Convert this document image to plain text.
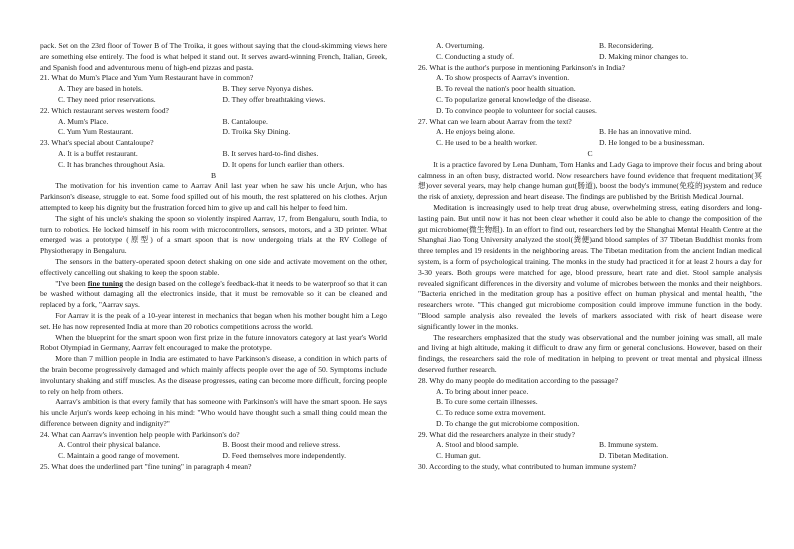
pack. Set on the 23rd floor of Tower B of The Troika, it goes without saying that the cloud-skimming views here are something else entirely. The food is what helped it stand out. It serves award-winning French, Italian, Greek, and Spanish food and adventurous menu of high-end pizzas and pasta.

21. What do Mum's Place and Yum Yum Restaurant have in common?

A. They are based in hotels.	B. They serve Nyonya dishes.
C. They need prior reservations.	D. They offer breathtaking views.

22. Which restaurant serves western food?

A. Mum's Place.	B. Cantaloupe.
C. Yum Yum Restaurant.	D. Troika Sky Dining.

23. What's special about Cantaloupe?

A. It is a buffet restaurant.	B. It serves hard-to-find dishes.
C. It has branches throughout Asia.	D. It opens for lunch earlier than others.

B

The motivation for his invention came to Aarrav Anil last year when he saw his uncle Arjun, who has Parkinson's disease, struggle to eat. Some food spilled out of his mouth, the rest splattered on his clothes. Arjun attempted to keep his dignity but the frustration forced him to give up and call his helper to feed him.

The sight of his uncle's shaking the spoon so violently inspired Aarrav, 17, from Bengaluru, south India, to turn to robotics. He locked himself in his room with microcontrollers, sensors, motors, and a 3D printer. What emerged was a prototype (原型) of a smart spoon that is now undergoing trials at the RV College of Physiotherapy in Bengaluru.

The sensors in the battery-operated spoon detect shaking on one side and activate movement on the other, effectively cancelling out shaking to keep the spoon stable.

"I've been fine tuning the design based on the college's feedback-that it needs to be waterproof so that it can be washed without damaging all the electronics inside, that it must be removable so it can be cleaned and replaced by a fork, "Aarrav says.

For Aarrav it is the peak of a 10-year interest in mechanics that began when his mother bought him a Lego set. He has now represented India at more than 20 robotics competitions across the world.

When the blueprint for the smart spoon won first prize in the future innovators category at last year's World Robot Olympiad in Germany, Aarrav felt encouraged to make the prototype.

More than 7 million people in India are estimated to have Parkinson's disease, a condition in which parts of the brain become progressively damaged and which mainly affects people over the age of 50. Symptoms include involuntary shaking and stiff muscles. As the disease progresses, eating can become more difficult, forcing people to rely on help from others.

Aarrav's ambition is that every family that has someone with Parkinson's will have the smart spoon. He says his uncle Arjun's words keep echoing in his mind: "Who would have thought such a small thing could mean the difference between dignity and indignity?"

24. What can Aarrav's invention help people with Parkinson's do?

A. Control their physical balance.	B. Boost their mood and relieve stress.
C. Maintain a good range of movement.	D. Feed themselves more independently.

25. What does the underlined part "fine tuning" in paragraph 4 mean?

A. Overturning.	B. Reconsidering.
C. Conducting a study of.	D. Making minor changes to.

26. What is the author's purpose in mentioning Parkinson's in India?

A. To show prospects of Aarrav's invention.

B. To reveal the nation's poor health situation.

C. To popularize general knowledge of the disease.

D. To convince people to volunteer for social causes.

27. What can we learn about Aarrav from the text?

A. He enjoys being alone.	B. He has an innovative mind.
C. He used to be a health worker.	D. He longed to be a businessman.

C

It is a practice favored by Lena Dunham, Tom Hanks and Lady Gaga to improve their focus and bring about calmness in an often busy, distracted world. Now researchers have found evidence that frequent meditation(冥想)over several years, may help change human gut(肠道), boost the body's immune(免疫的)system and reduce the risk of anxiety, depression and heart disease. The findings are published by the British Medical Journal.

Meditation is increasingly used to help treat drug abuse, overwhelming stress, eating disorders and long-lasting pain. But until now it has not been clear whether it could also be able to change the composition of the gut microbiome(微生物组). In an effort to find out, researchers led by the Shanghai Mental Health Centre at the Shanghai Jiao Tong University analyzed the stool(粪便)and blood samples of 37 Tibetan Buddhist monks from three temples and 19 residents in the neighboring areas. The Tibetan meditation from the ancient Indian medical system, is a form of psychological training. The monks in the study had practiced it for at least 2 hours a day for 3-30 years. Both groups were matched for age, blood pressure, heart rate and diet. Stool sample analysis revealed significant differences in the diversity and volume of microbes between the monks and their neighbors. "Bacteria enriched in the meditation group has a positive effect on human physical and mental health, "the researchers wrote. "This changed gut microbiome composition could improve immune function in the body. "Blood sample analysis also revealed the levels of markers associated with risk of heart disease were significantly lower in the monks.

The researchers emphasized that the study was observational and the number joining was small, all male and living at high altitude, making it difficult to draw any firm or general conclusions. However, based on their findings, the researchers said the role of meditation in helping to prevent or treat mental and physical illness deserved further research.

28. Why do many people do meditation according to the passage?

A. To bring about inner peace.

B. To cure some certain illnesses.

C. To reduce some extra movement.

D. To change the gut microbiome composition.

29. What did the researchers analyze in their study?

A. Stool and blood sample.	B. Immune system.
C. Human gut.	D. Tibetan Meditation.

30. According to the study, what contributed to human immune system?
